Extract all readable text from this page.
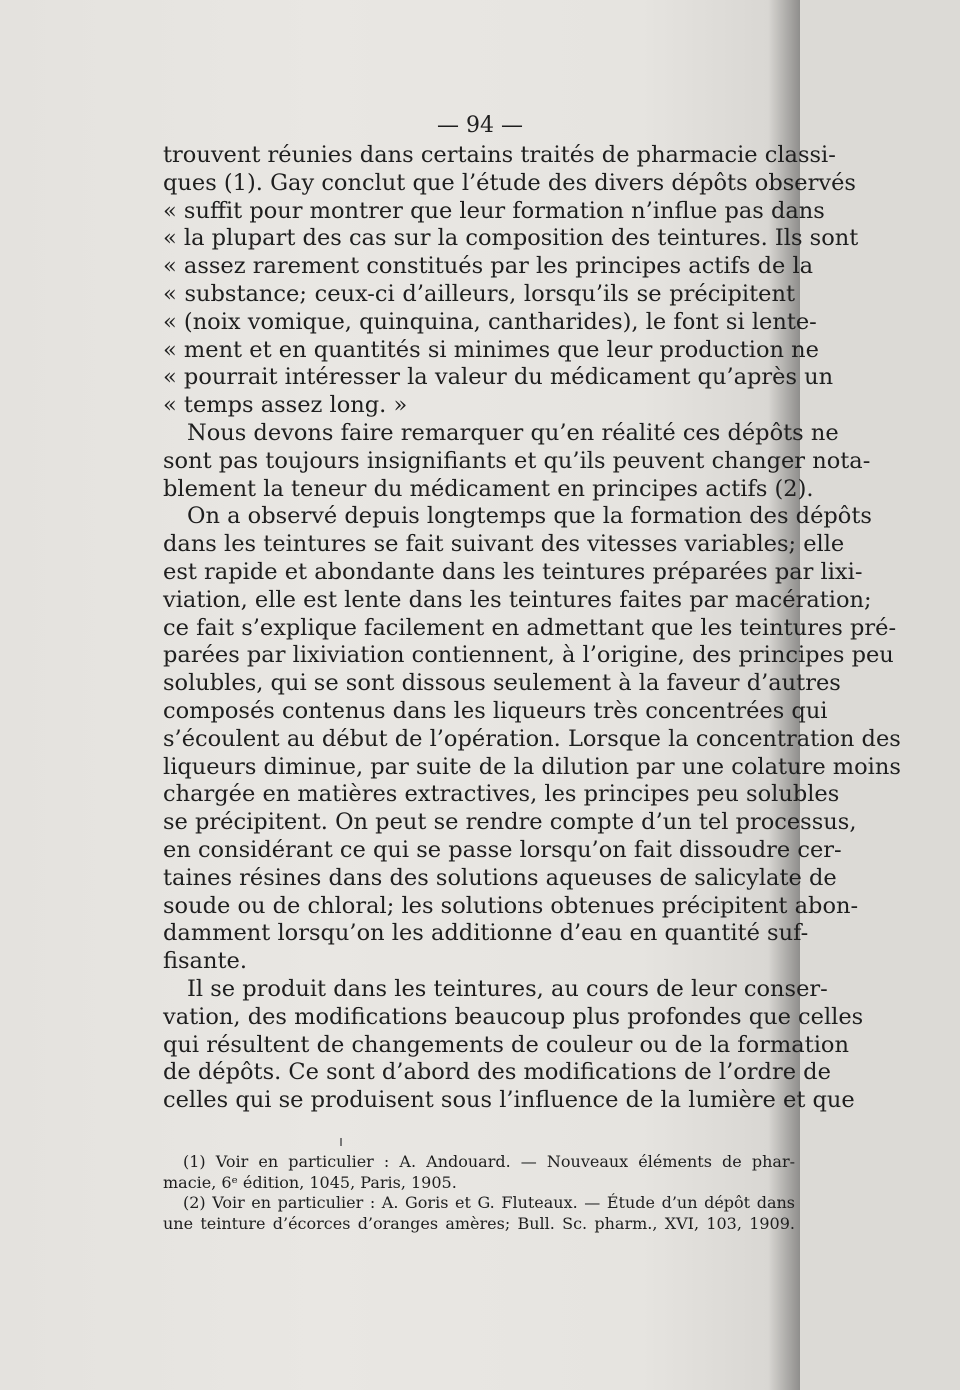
— 94 —
trouvent réunies dans certains traités de pharmacie classi-
ques (1). Gay conclut que l’étude des divers dépôts observés
« suffit pour montrer que leur formation n’influe pas dans
« la plupart des cas sur la composition des teintures. Ils sont
« assez rarement constitués par les principes actifs de la
« substance; ceux-ci d’ailleurs, lorsqu’ils se précipitent
« (noix vomique, quinquina, cantharides), le font si lente-
« ment et en quantités si minimes que leur production ne
« pourrait intéresser la valeur du médicament qu’après un
« temps assez long. »
Nous devons faire remarquer qu’en réalité ces dépôts ne
sont pas toujours insignifiants et qu’ils peuvent changer nota-
blement la teneur du médicament en principes actifs (2).
On a observé depuis longtemps que la formation des dépôts
dans les teintures se fait suivant des vitesses variables; elle
est rapide et abondante dans les teintures préparées par lixi-
viation, elle est lente dans les teintures faites par macération;
ce fait s’explique facilement en admettant que les teintures pré-
parées par lixiviation contiennent, à l’origine, des principes peu
solubles, qui se sont dissous seulement à la faveur d’autres
composés contenus dans les liqueurs très concentrées qui
s’écoulent au début de l’opération. Lorsque la concentration des
liqueurs diminue, par suite de la dilution par une colature moins
chargée en matières extractives, les principes peu solubles
se précipitent. On peut se rendre compte d’un tel processus,
en considérant ce qui se passe lorsqu’on fait dissoudre cer-
taines résines dans des solutions aqueuses de salicylate de
soude ou de chloral; les solutions obtenues précipitent abon-
damment lorsqu’on les additionne d’eau en quantité suf-
fisante.
Il se produit dans les teintures, au cours de leur conser-
vation, des modifications beaucoup plus profondes que celles
qui résultent de changements de couleur ou de la formation
de dépôts. Ce sont d’abord des modifications de l’ordre de
celles qui se produisent sous l’influence de la lumière et que
(1) Voir en particulier : A. Andouard. — Nouveaux éléments de phar-
macie, 6ᵉ édition, 1045, Paris, 1905.
(2) Voir en particulier : A. Goris et G. Fluteaux. — Étude d’un dépôt dans
une teinture d’écorces d’oranges amères; Bull. Sc. pharm., XVI, 103, 1909.
